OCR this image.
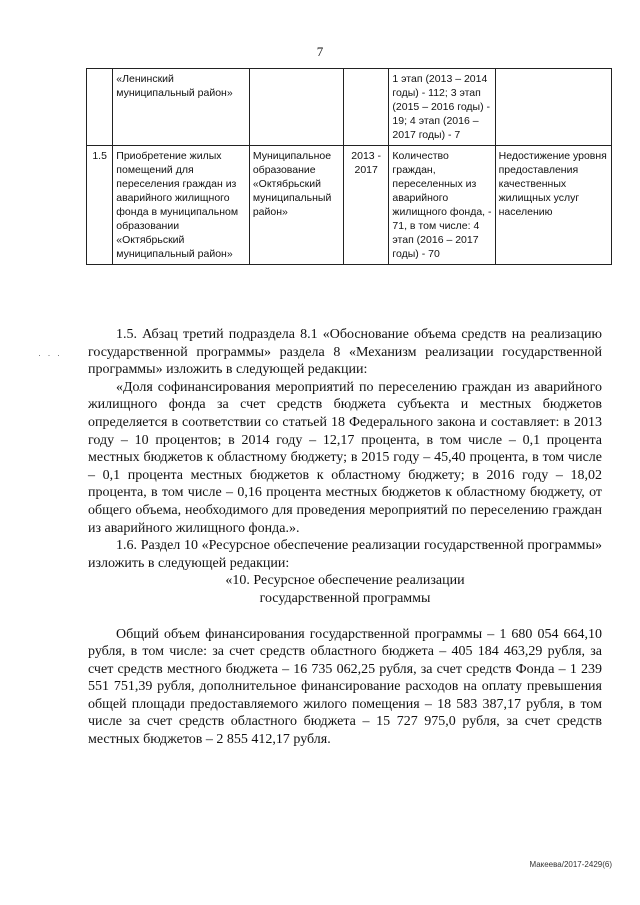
7
	«Ленинский муниципальный район»			1 этап (2013 – 2014 годы) - 112; 3 этап (2015 – 2016 годы) - 19; 4 этап (2016 – 2017 годы) - 7	
1.5	Приобретение жилых помещений для переселения граждан из аварийного жилищного фонда в муниципальном образовании «Октябрьский муниципальный район»	Муниципальное образование «Октябрьский муниципальный район»	2013 - 2017	Количество граждан, переселенных из аварийного жилищного фонда, - 71, в том числе: 4 этап (2016 – 2017 годы) - 70	Недостижение уровня предоставления качественных жилищных услуг населению
· · ·

1.5. Абзац третий подраздела 8.1 «Обоснование объема средств на реализацию государственной программы» раздела 8 «Механизм реализации государственной программы» изложить в следующей редакции:

«Доля софинансирования мероприятий по переселению граждан из аварийного жилищного фонда за счет средств бюджета субъекта и местных бюджетов определяется в соответствии со статьей 18 Федерального закона и составляет: в 2013 году – 10 процентов; в 2014 году – 12,17 процента, в том числе – 0,1 процента местных бюджетов к областному бюджету; в 2015 году – 45,40 процента, в том числе – 0,1 процента местных бюджетов к областному бюджету; в 2016 году – 18,02 процента, в том числе – 0,16 процента местных бюджетов к областному бюджету, от общего объема, необходимого для проведения мероприятий по переселению граждан из аварийного жилищного фонда.».

1.6. Раздел 10 «Ресурсное обеспечение реализации государственной программы» изложить в следующей редакции:

«10. Ресурсное обеспечение реализации

государственной программы

Общий объем финансирования государственной программы – 1 680 054 664,10 рубля, в том числе: за счет средств областного бюджета – 405 184 463,29 рубля, за счет средств местного бюджета – 16 735 062,25 рубля, за счет средств Фонда – 1 239 551 751,39 рубля, дополнительное финансирование расходов на оплату превышения общей площади предоставляемого жилого помещения – 18 583 387,17 рубля, в том числе за счет средств областного бюджета – 15 727 975,0 рубля, за счет средств местных бюджетов – 2 855 412,17 рубля.

Макеева/2017-2429(6)
